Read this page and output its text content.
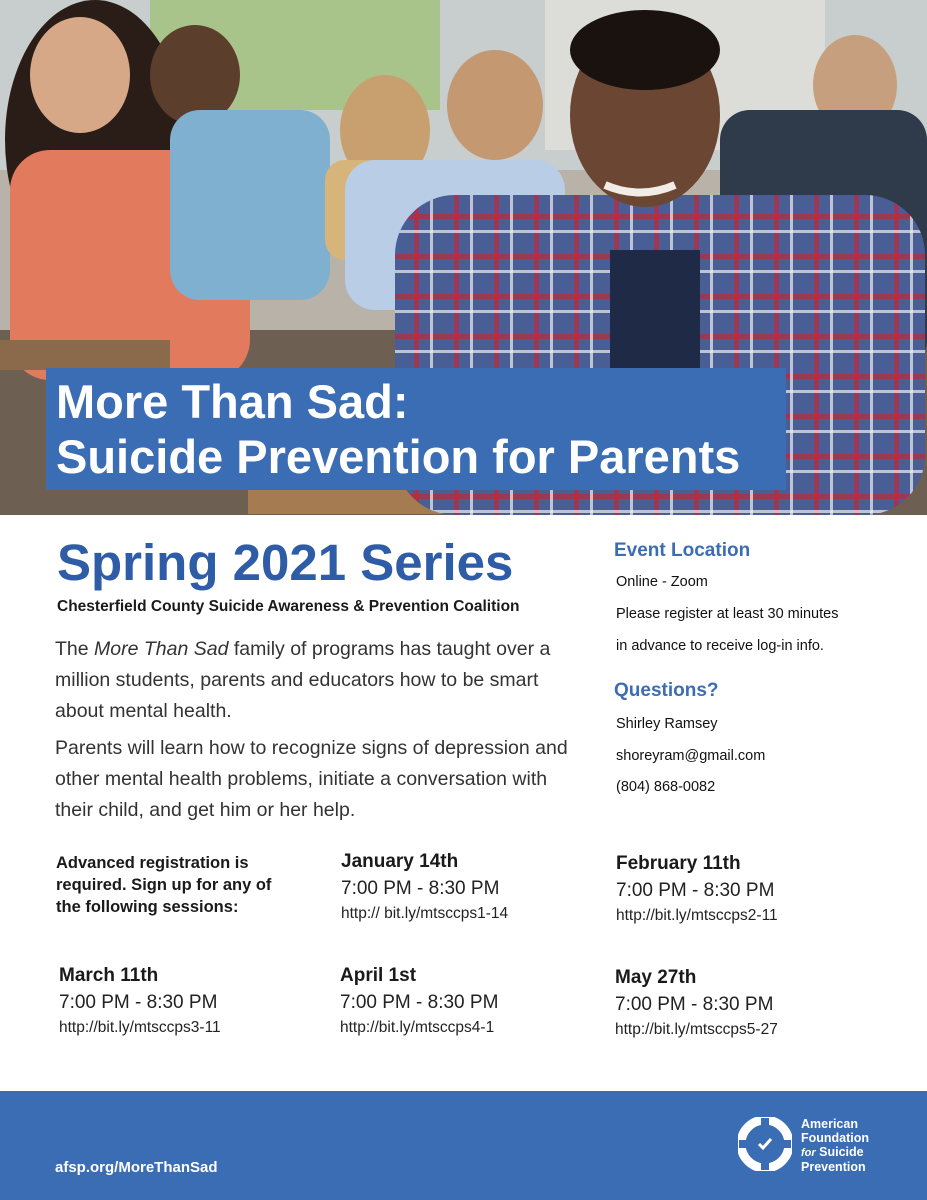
More Than Sad:
Suicide Prevention for Parents
Spring 2021 Series
Chesterfield County Suicide Awareness & Prevention Coalition
The More Than Sad family of programs has taught over a million students, parents and educators how to be smart about mental health.
Parents will learn how to recognize signs of depression and other mental health problems, initiate a conversation with their child, and get him or her help.
Event Location
Online - Zoom
Please register at least 30 minutes
in advance to receive log-in info.
Questions?
Shirley Ramsey
shoreyram@gmail.com
(804) 868-0082
Advanced registration is required. Sign up for any of the following sessions:
January 14th
7:00 PM - 8:30 PM
http:// bit.ly/mtsccps1-14
February 11th
7:00 PM - 8:30 PM
http://bit.ly/mtsccps2-11
March 11th
7:00 PM - 8:30 PM
http://bit.ly/mtsccps3-11
April 1st
7:00 PM - 8:30 PM
http://bit.ly/mtsccps4-1
May 27th
7:00 PM - 8:30 PM
http://bit.ly/mtsccps5-27
afsp.org/MoreThanSad
American
Foundation
for Suicide
Prevention
